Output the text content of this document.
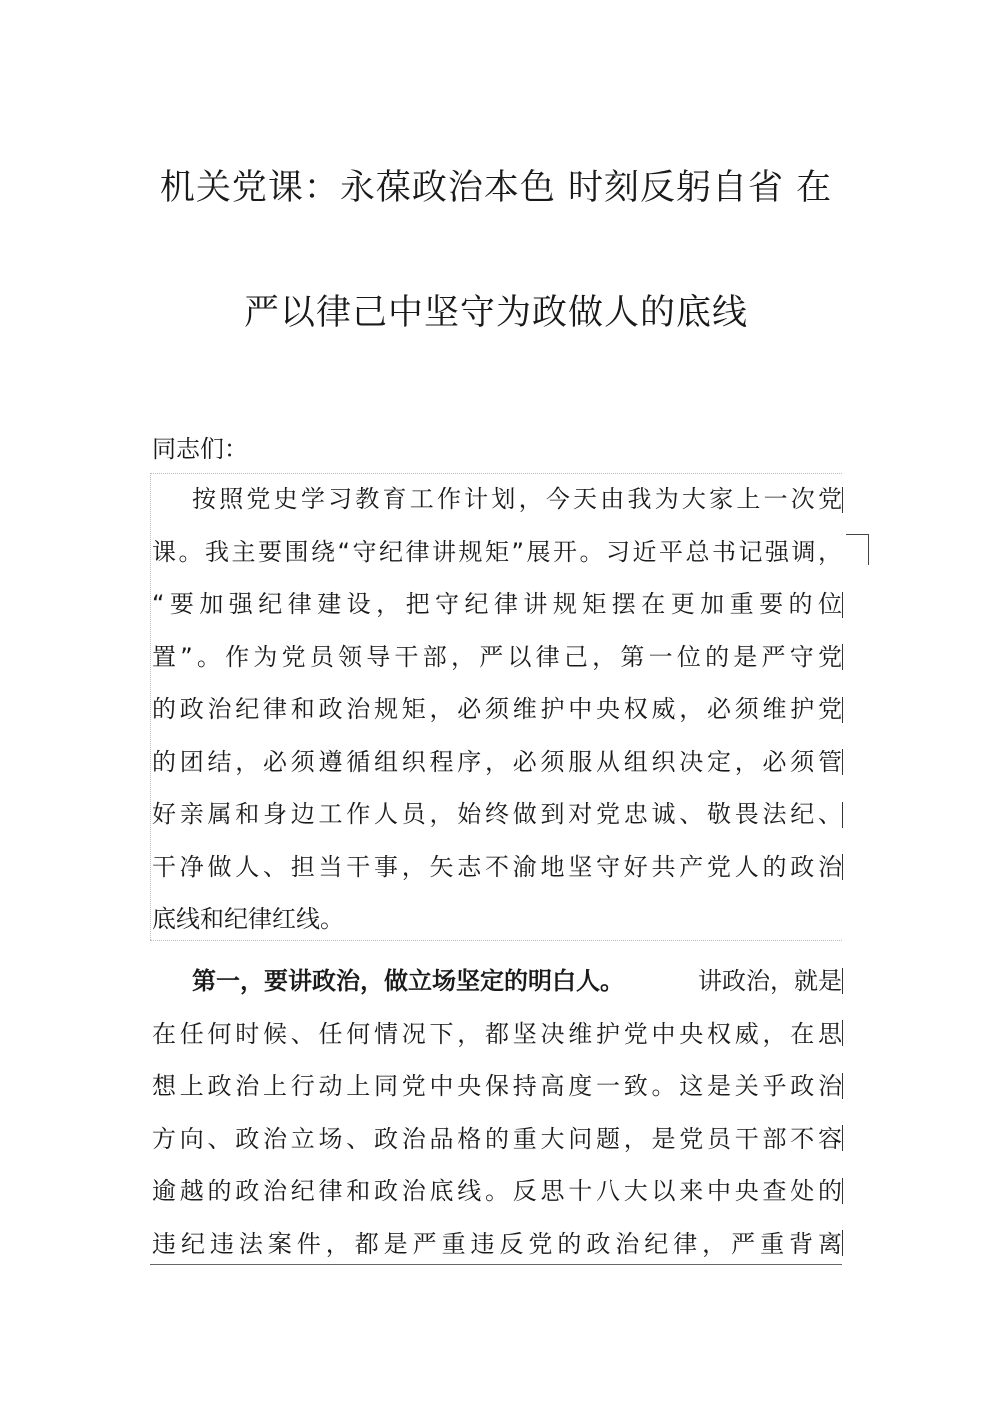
机关党课：永葆政治本色 时刻反躬自省 在
严以律己中坚守为政做人的底线
同志们：
按照党史学习教育工作计划，今天由我为大家上一次党
课。我主要围绕“守纪律讲规矩”展开。习近平总书记强调，
“要加强纪律建设，把守纪律讲规矩摆在更加重要的位
置”。作为党员领导干部，严以律己，第一位的是严守党
的政治纪律和政治规矩，必须维护中央权威，必须维护党
的团结，必须遵循组织程序，必须服从组织决定，必须管
好亲属和身边工作人员，始终做到对党忠诚、敬畏法纪、
干净做人、担当干事，矢志不渝地坚守好共产党人的政治
底线和纪律红线。
第一，要讲政治，做立场坚定的明白人。	讲政治，就是
在任何时候、任何情况下，都坚决维护党中央权威，在思
想上政治上行动上同党中央保持高度一致。这是关乎政治
方向、政治立场、政治品格的重大问题，是党员干部不容
逾越的政治纪律和政治底线。反思十八大以来中央查处的
违纪违法案件，都是严重违反党的政治纪律，严重背离
